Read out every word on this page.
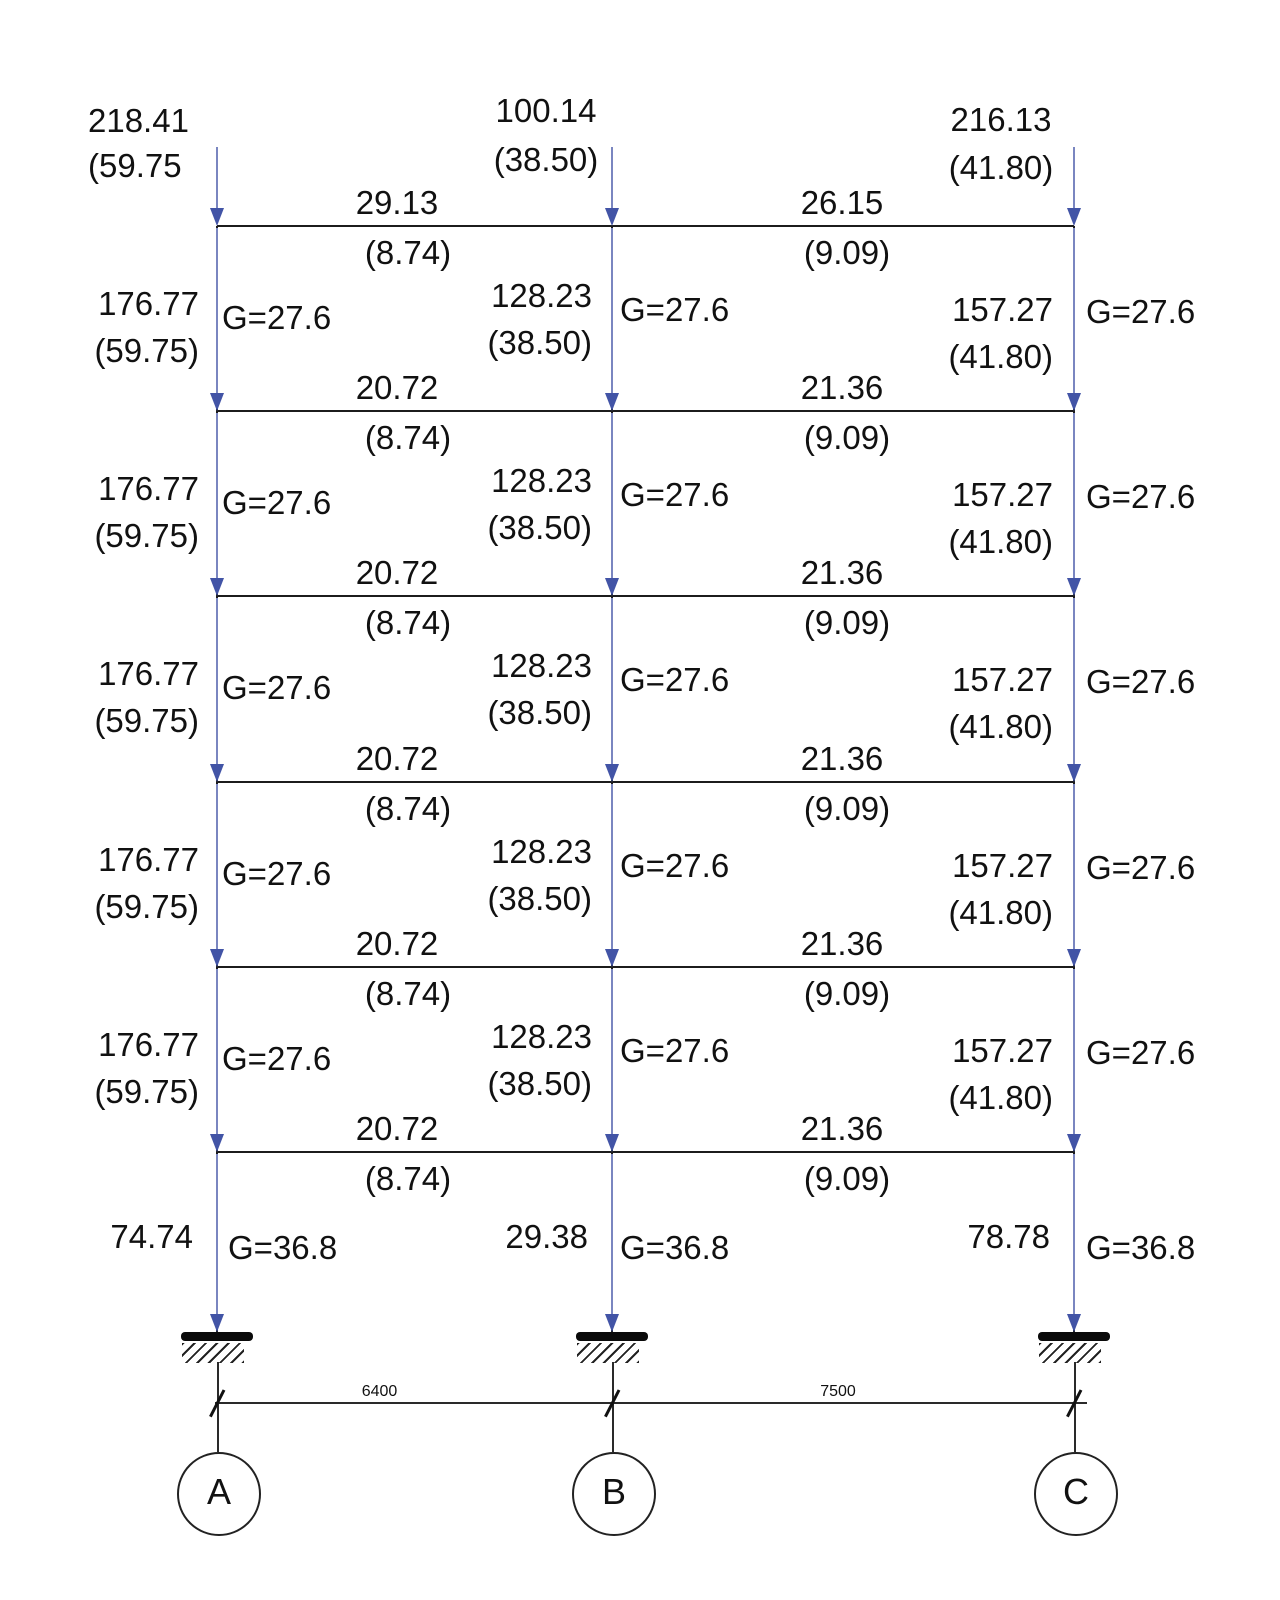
A	B	C
6400	7500
218.41
(59.75
100.14
(38.50)
216.13
(41.80)
29.13
(8.74)
26.15
(9.09)
176.77
(59.75)
G=27.6
128.23
(38.50)
G=27.6	157.27
(41.80)
G=27.6
20.72
(8.74)
21.36
(9.09)
176.77
(59.75)
G=27.6
128.23
(38.50)
G=27.6	157.27
(41.80)
G=27.6
20.72
(8.74)
21.36
(9.09)
176.77
(59.75)
G=27.6
128.23
(38.50)
G=27.6	157.27
(41.80)
G=27.6
20.72
(8.74)
21.36
(9.09)
176.77
(59.75)
G=27.6
128.23
(38.50)
G=27.6	157.27
(41.80)
G=27.6
20.72
(8.74)
21.36
(9.09)
176.77
(59.75)
G=27.6
128.23
(38.50)
G=27.6	157.27
(41.80)
G=27.6
20.72
(8.74)
21.36
(9.09)
74.74 G=36.8	29.38 G=36.8	78.78 G=36.8
